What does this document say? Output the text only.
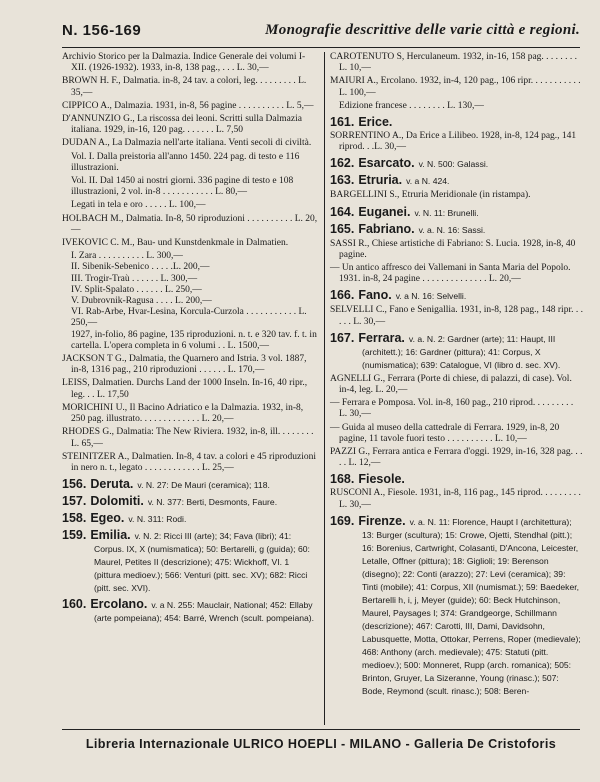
N. 156-169	Monografie descrittive delle varie città e regioni.

Archivio Storico per la Dalmazia. Indice Generale dei volumi I-XII. (1926-1932). 1933, in-8, 138 pag., . . . L. 30,—

BROWN H. F., Dalmatia. in-8, 24 tav. a colori, leg. . . . . . . . . L. 35,—

CIPPICO A., Dalmazia. 1931, in-8, 56 pagine . . . . . . . . . . L. 5,—

D'ANNUNZIO G., La riscossa dei leoni. Scritti sulla Dalmazia italiana. 1929, in-16, 120 pag. . . . . . . L. 7,50

DUDAN A., La Dalmazia nell'arte italiana. Venti secoli di civiltà.

Vol. I. Dalla preistoria all'anno 1450. 224 pag. di testo e 116 illustrazioni.

Vol. II. Dal 1450 ai nostri giorni. 336 pagine di testo e 108 illustrazioni, 2 vol. in-8 . . . . . . . . . . . L. 80,—

Legati in tela e oro . . . . . L. 100,—

HOLBACH M., Dalmatia. In-8, 50 riproduzioni . . . . . . . . . . L. 20,—

IVEKOVIC C. M., Bau- und Kunstdenkmale in Dalmatien.

I. Zara . . . . . . . . . . L. 300,—

II. Sibenik-Sebenico . . . . .L. 200,—

III. Trogir-Traù . . . . . . L. 300,—

IV. Split-Spalato . . . . . . L. 250,—

V. Dubrovnik-Ragusa . . . . L. 200,—

VI. Rab-Arbe, Hvar-Lesina, Korcula-Curzola . . . . . . . . . . . L. 250,—

1927, in-folio, 86 pagine, 135 riproduzioni. n. t. e 320 tav. f. t. in cartella. L'opera completa in 6 volumi . . L. 1500,—

JACKSON T G., Dalmatia, the Quarnero and Istria. 3 vol. 1887, in-8, 1316 pag., 210 riproduzioni . . . . . . L. 170,—

LEISS, Dalmatien. Durchs Land der 1000 Inseln. In-16, 40 ripr., leg. . . L. 17,50

MORICHINI U., Il Bacino Adriatico e la Dalmazia. 1932, in-8, 250 pag. illustrato. . . . . . . . . . . . . L. 20,—

RHODES G., Dalmatia: The New Riviera. 1932, in-8, ill. . . . . . . . L. 65,—

STEINITZER A., Dalmatien. In-8, 4 tav. a colori e 45 riproduzioni in nero n. t., legato . . . . . . . . . . . . L. 25,—

156. Deruta. v. N. 27: De Mauri (ceramica); 118.
157. Dolomiti. v. N. 377: Berti, Desmonts, Faure.
158. Egeo. v. N. 311: Rodi.
159. Emilia. v. N. 2: Ricci III (arte); 34; Fava (libri); 41: Corpus. IX, X (numismatica); 50: Bertarelli, g (guida); 60: Maurel, Petites II (descrizione); 475: Wickhoff, VI. 1 (pittura medioev.); 566: Venturi (pitt. sec. XV); 682: Ricci (pitt. sec. XVI).
160. Ercolano. v. a N. 255: Mauclair, National; 452: Ellaby (arte pompeiana); 454: Barré, Wrench (scult. pompeiana).

CAROTENUTO S, Herculaneum. 1932, in-16, 158 pag. . . . . . . . L. 10,—

MAIURI A., Ercolano. 1932, in-4, 120 pag., 106 ripr. . . . . . . . . . . L. 100,—

Edizione francese . . . . . . . . L. 130,—

161. Erice.

SORRENTINO A., Da Erice a Lilibeo. 1928, in-8, 124 pag., 141 riprod. . .L. 30,—

162. Esarcato. v. N. 500: Galassi.
163. Etruria. v. a N. 424.

BARGELLINI S., Etruria Meridionale (in ristampa).

164. Euganei. v. N. 11: Brunelli.
165. Fabriano. v. a. N. 16: Sassi.

SASSI R., Chiese artistiche di Fabriano: S. Lucia. 1928, in-8, 40 pagine.

— Un antico affresco dei Vallemani in Santa Maria del Popolo. 1931. in-8, 24 pagine . . . . . . . . . . . . . . L. 20,—

166. Fano. v. a N. 16: Selvelli.

SELVELLI C., Fano e Senigallia. 1931, in-8, 128 pag., 148 ripr. . . . . . L. 30,—

167. Ferrara. v. a. N. 2: Gardner (arte); 11: Haupt, III (architett.); 16: Gardner (pittura); 41: Corpus, X (numismatica); 639: Catalogue, VI (libro d. sec. XV).

AGNELLI G., Ferrara (Porte di chiese, di palazzi, di case). Vol. in-4, leg. L. 20,—

— Ferrara e Pomposa. Vol. in-8, 160 pag., 210 riprod. . . . . . . . . L. 30,—

— Guida al museo della cattedrale di Ferrara. 1929, in-8, 20 pagine, 11 tavole fuori testo . . . . . . . . . . L. 10,—

PAZZI G., Ferrara antica e Ferrara d'oggi. 1929, in-16, 328 pag. . . . . L. 12,—

168. Fiesole.

RUSCONI A., Fiesole. 1931, in-8, 116 pag., 145 riprod. . . . . . . . . L. 30,—

169. Firenze. v. a. N. 11: Florence, Haupt I (architettura); 13: Burger (scultura); 15: Crowe, Ojetti, Stendhal (pitt.); 16: Borenius, Cartwright, Colasanti, D'Ancona, Leicester, Letalle, Offner (pittura); 18: Giglioli; 19: Berenson (disegno); 22: Conti (arazzo); 27: Levi (ceramica); 39: Tinti (mobile); 41: Corpus, XII (numismat.); 59: Baedeker, Bertarelli h, i, j, Meyer (guide); 60: Beck Hutchinson, Maurel, Paysages I; 374: Grandgeorge, Schillmann (descrizione); 467: Carotti, III, Dami, Davidsohn, Labusquette, Motta, Ottokar, Perrens, Roper (medievale); 468: Anthony (arch. medievale); 475: Statuti (pitt. medioev.); 500: Monneret, Rupp (arch. romanica); 505: Brinton, Gruyer, La Sizeranne, Young (rinasc.); 507: Bode, Reymond (scult. rinasc.); 508: Beren-
Libreria Internazionale ULRICO HOEPLI - MILANO - Galleria De Cristoforis
